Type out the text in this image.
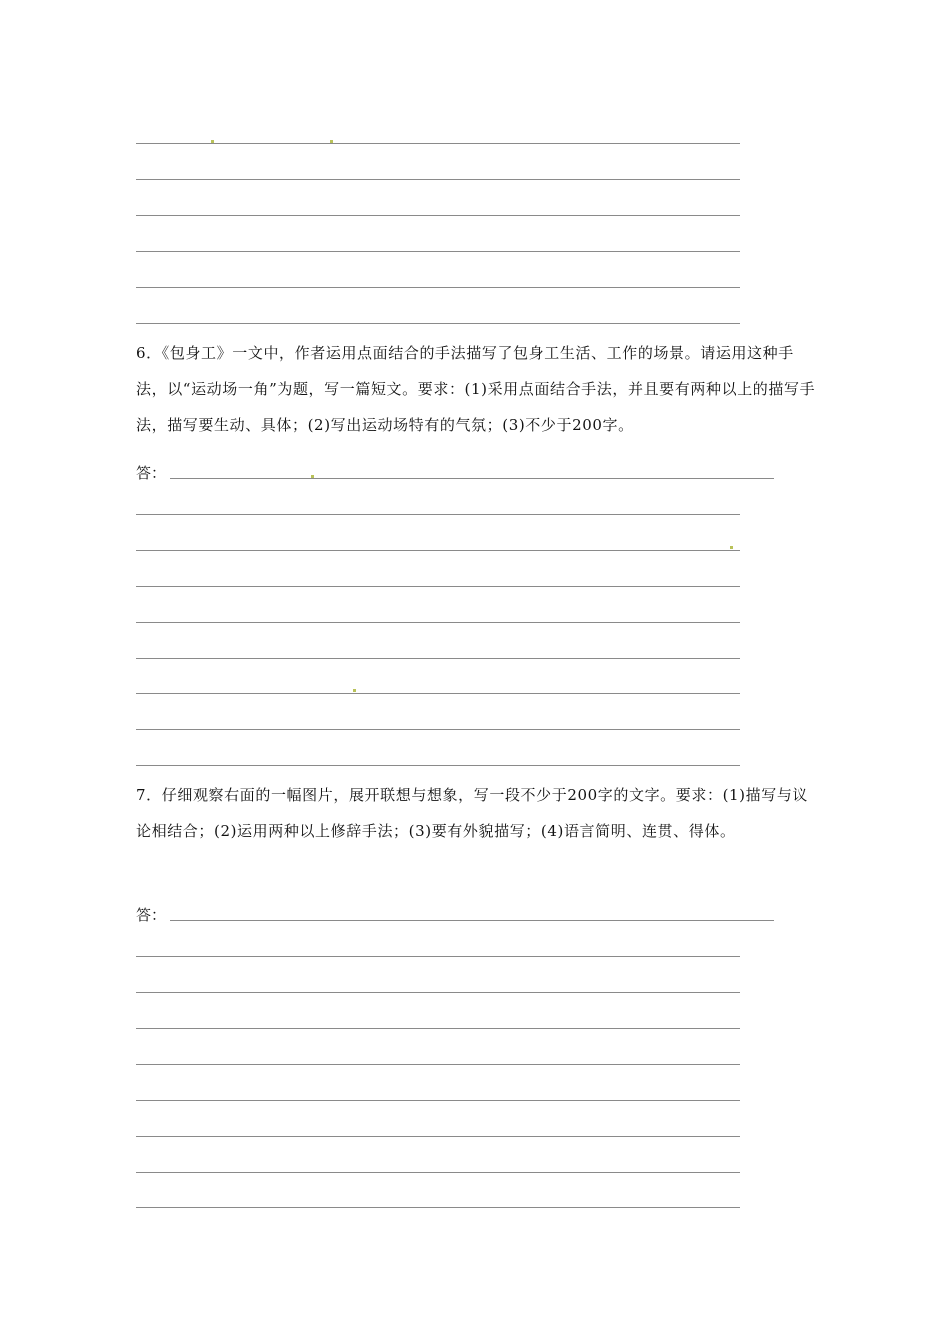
6．《包身工》一文中，作者运用点面结合的手法描写了包身工生活、工作的场景。请运用这种手法，以“运动场一角”为题，写一篇短文。要求：(1)采用点面结合手法，并且要有两种以上的描写手法，描写要生动、具体；(2)写出运动场特有的气氛；(3)不少于200字。

答：

7．仔细观察右面的一幅图片，展开联想与想象，写一段不少于200字的文字。要求：(1)描写与议论相结合；(2)运用两种以上修辞手法；(3)要有外貌描写；(4)语言简明、连贯、得体。

答：
